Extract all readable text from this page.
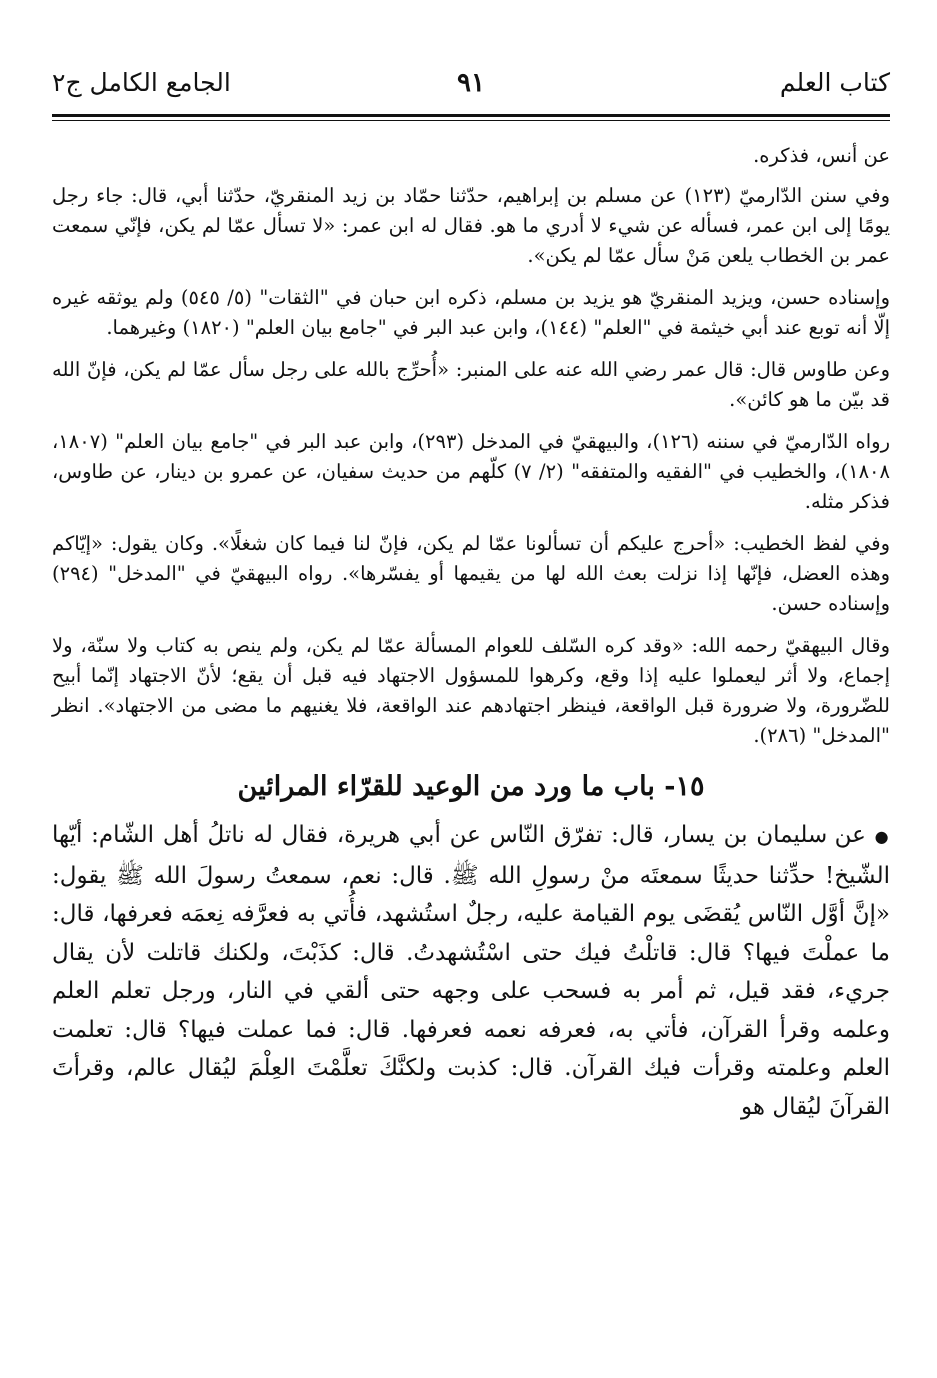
كتاب العلم
٩١
الجامع الكامل ج٢

عن أنس، فذكره.

وفي سنن الدّارميّ (١٢٣) عن مسلم بن إبراهيم، حدّثنا حمّاد بن زيد المنقريّ، حدّثنا أبي، قال: جاء رجل يومًا إلى ابن عمر، فسأله عن شيء لا أدري ما هو. فقال له ابن عمر: «لا تسأل عمّا لم يكن، فإنّي سمعت عمر بن الخطاب يلعن مَنْ سأل عمّا لم يكن».

وإسناده حسن، ويزيد المنقريّ هو يزيد بن مسلم، ذكره ابن حبان في "الثقات" (٥/ ٥٤٥) ولم يوثقه غيره إلّا أنه توبع عند أبي خيثمة في "العلم" (١٤٤)، وابن عبد البر في "جامع بيان العلم" (١٨٢٠) وغيرهما.

وعن طاوس قال: قال عمر رضي الله عنه على المنبر: «أُحرِّج بالله على رجل سأل عمّا لم يكن، فإنّ الله قد بيّن ما هو كائن».

رواه الدّارميّ في سننه (١٢٦)، والبيهقيّ في المدخل (٢٩٣)، وابن عبد البر في "جامع بيان العلم" (١٨٠٧، ١٨٠٨)، والخطيب في "الفقيه والمتفقه" (٢/ ٧) كلّهم من حديث سفيان، عن عمرو بن دينار، عن طاوس، فذكر مثله.

وفي لفظ الخطيب: «أحرج عليكم أن تسألونا عمّا لم يكن، فإنّ لنا فيما كان شغلًا». وكان يقول: «إيّاكم وهذه العضل، فإنّها إذا نزلت بعث الله لها من يقيمها أو يفسّرها». رواه البيهقيّ في "المدخل" (٢٩٤) وإسناده حسن.

وقال البيهقيّ رحمه الله: «وقد كره السّلف للعوام المسألة عمّا لم يكن، ولم ينص به كتاب ولا سنّة، ولا إجماع، ولا أثر ليعملوا عليه إذا وقع، وكرهوا للمسؤول الاجتهاد فيه قبل أن يقع؛ لأنّ الاجتهاد إنّما أبيح للضّرورة، ولا ضرورة قبل الواقعة، فينظر اجتهادهم عند الواقعة، فلا يغنيهم ما مضى من الاجتهاد». انظر "المدخل" (٢٨٦).

١٥- باب ما ورد من الوعيد للقرّاء المرائين

● عن سليمان بن يسار، قال: تفرّق النّاس عن أبي هريرة، فقال له ناتلُ أهل الشّام: أيّها الشّيخ! حدِّثنا حديثًا سمعتَه منْ رسولِ الله ﷺ. قال: نعم، سمعتُ رسولَ الله ﷺ يقول: «إنَّ أوَّل النّاس يُقضَى يوم القيامة عليه، رجلٌ استُشهد، فأُتي به فعرَّفه نِعمَه فعرفها، قال: ما عملْتَ فيها؟ قال: قاتلْتُ فيك حتى اسْتُشهدتُ. قال: كذَبْتَ، ولكنك قاتلت لأن يقال جريء، فقد قيل، ثم أمر به فسحب على وجهه حتى ألقي في النار، ورجل تعلم العلم وعلمه وقرأ القرآن، فأتي به، فعرفه نعمه فعرفها. قال: فما عملت فيها؟ قال: تعلمت العلم وعلمته وقرأت فيك القرآن. قال: كذبت ولكنَّكَ تعلَّمْتَ العِلْمَ ليُقال عالم، وقرأتَ القرآنَ ليُقال هو
